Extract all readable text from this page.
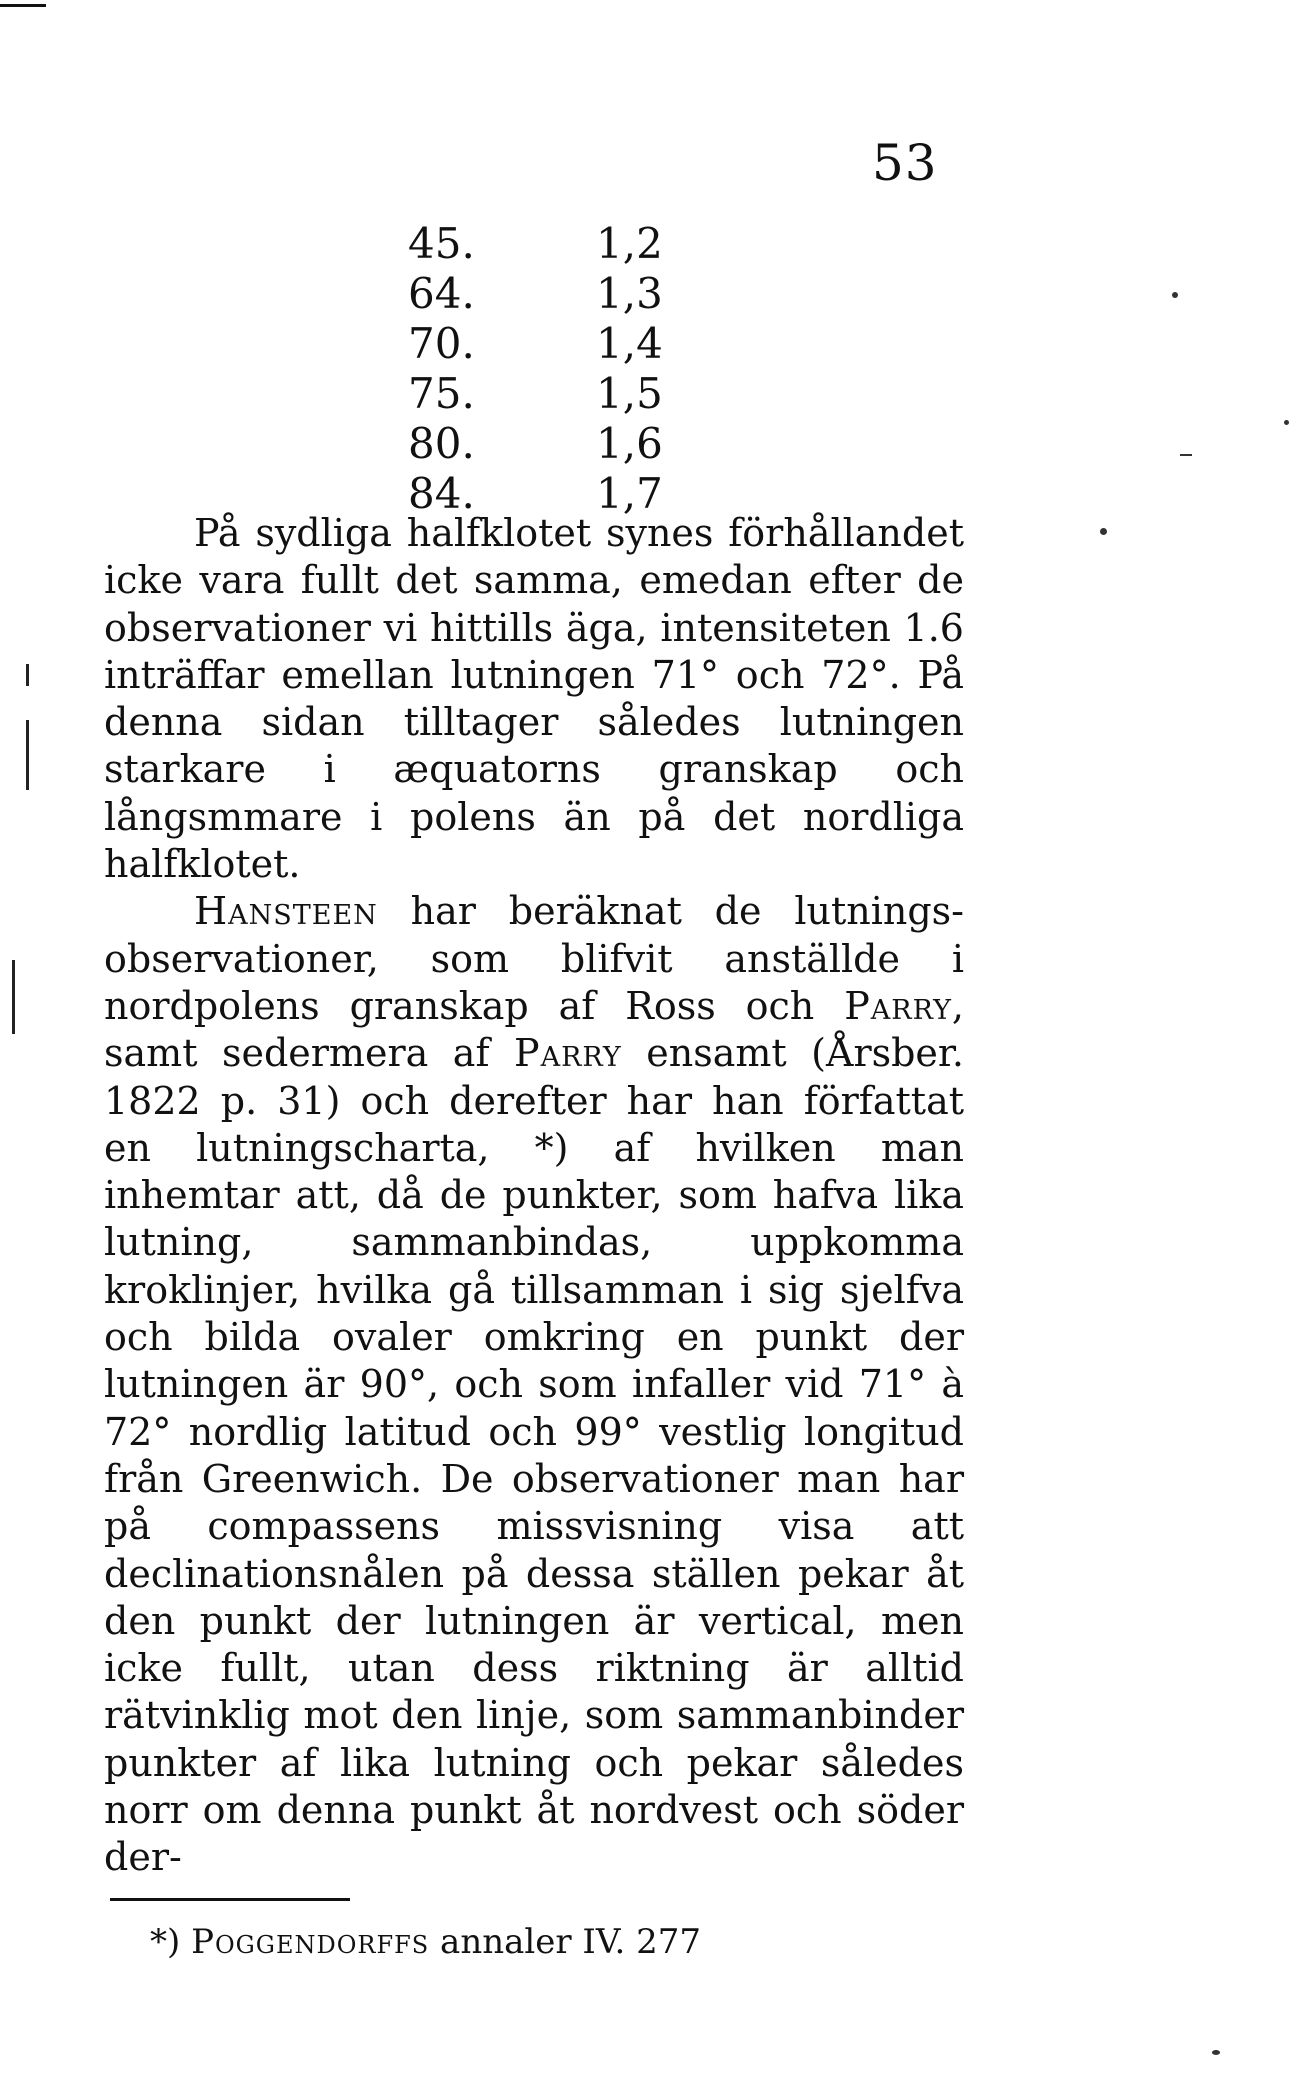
53
45.	1,2
64.	1,3
70.	1,4
75.	1,5
80.	1,6
84.	1,7

På sydliga halfklotet synes förhållandet icke vara fullt det samma, emedan efter de observationer vi hittills äga, intensiteten 1.6 inträffar emellan lutningen 71° och 72°. På denna sidan tilltager således lutningen starkare i æquatorns granskap och långsmmare i polens än på det nordliga halfklotet.

Hansteen har beräknat de lutnings-observationer, som blifvit anställde i nordpolens granskap af Ross och Parry, samt sedermera af Parry ensamt (Årsber. 1822 p. 31) och derefter har han författat en lutningscharta, *) af hvilken man inhemtar att, då de punkter, som hafva lika lutning, sammanbindas, uppkomma kroklinjer, hvilka gå tillsamman i sig sjelfva och bilda ovaler omkring en punkt der lutningen är 90°, och som infaller vid 71° à 72° nordlig latitud och 99° vestlig longitud från Greenwich. De observationer man har på compassens missvisning visa att declinationsnålen på dessa ställen pekar åt den punkt der lutningen är vertical, men icke fullt, utan dess riktning är alltid rätvinklig mot den linje, som sammanbinder punkter af lika lutning och pekar således norr om denna punkt åt nordvest och söder der-

*) Poggendorffs annaler IV. 277
